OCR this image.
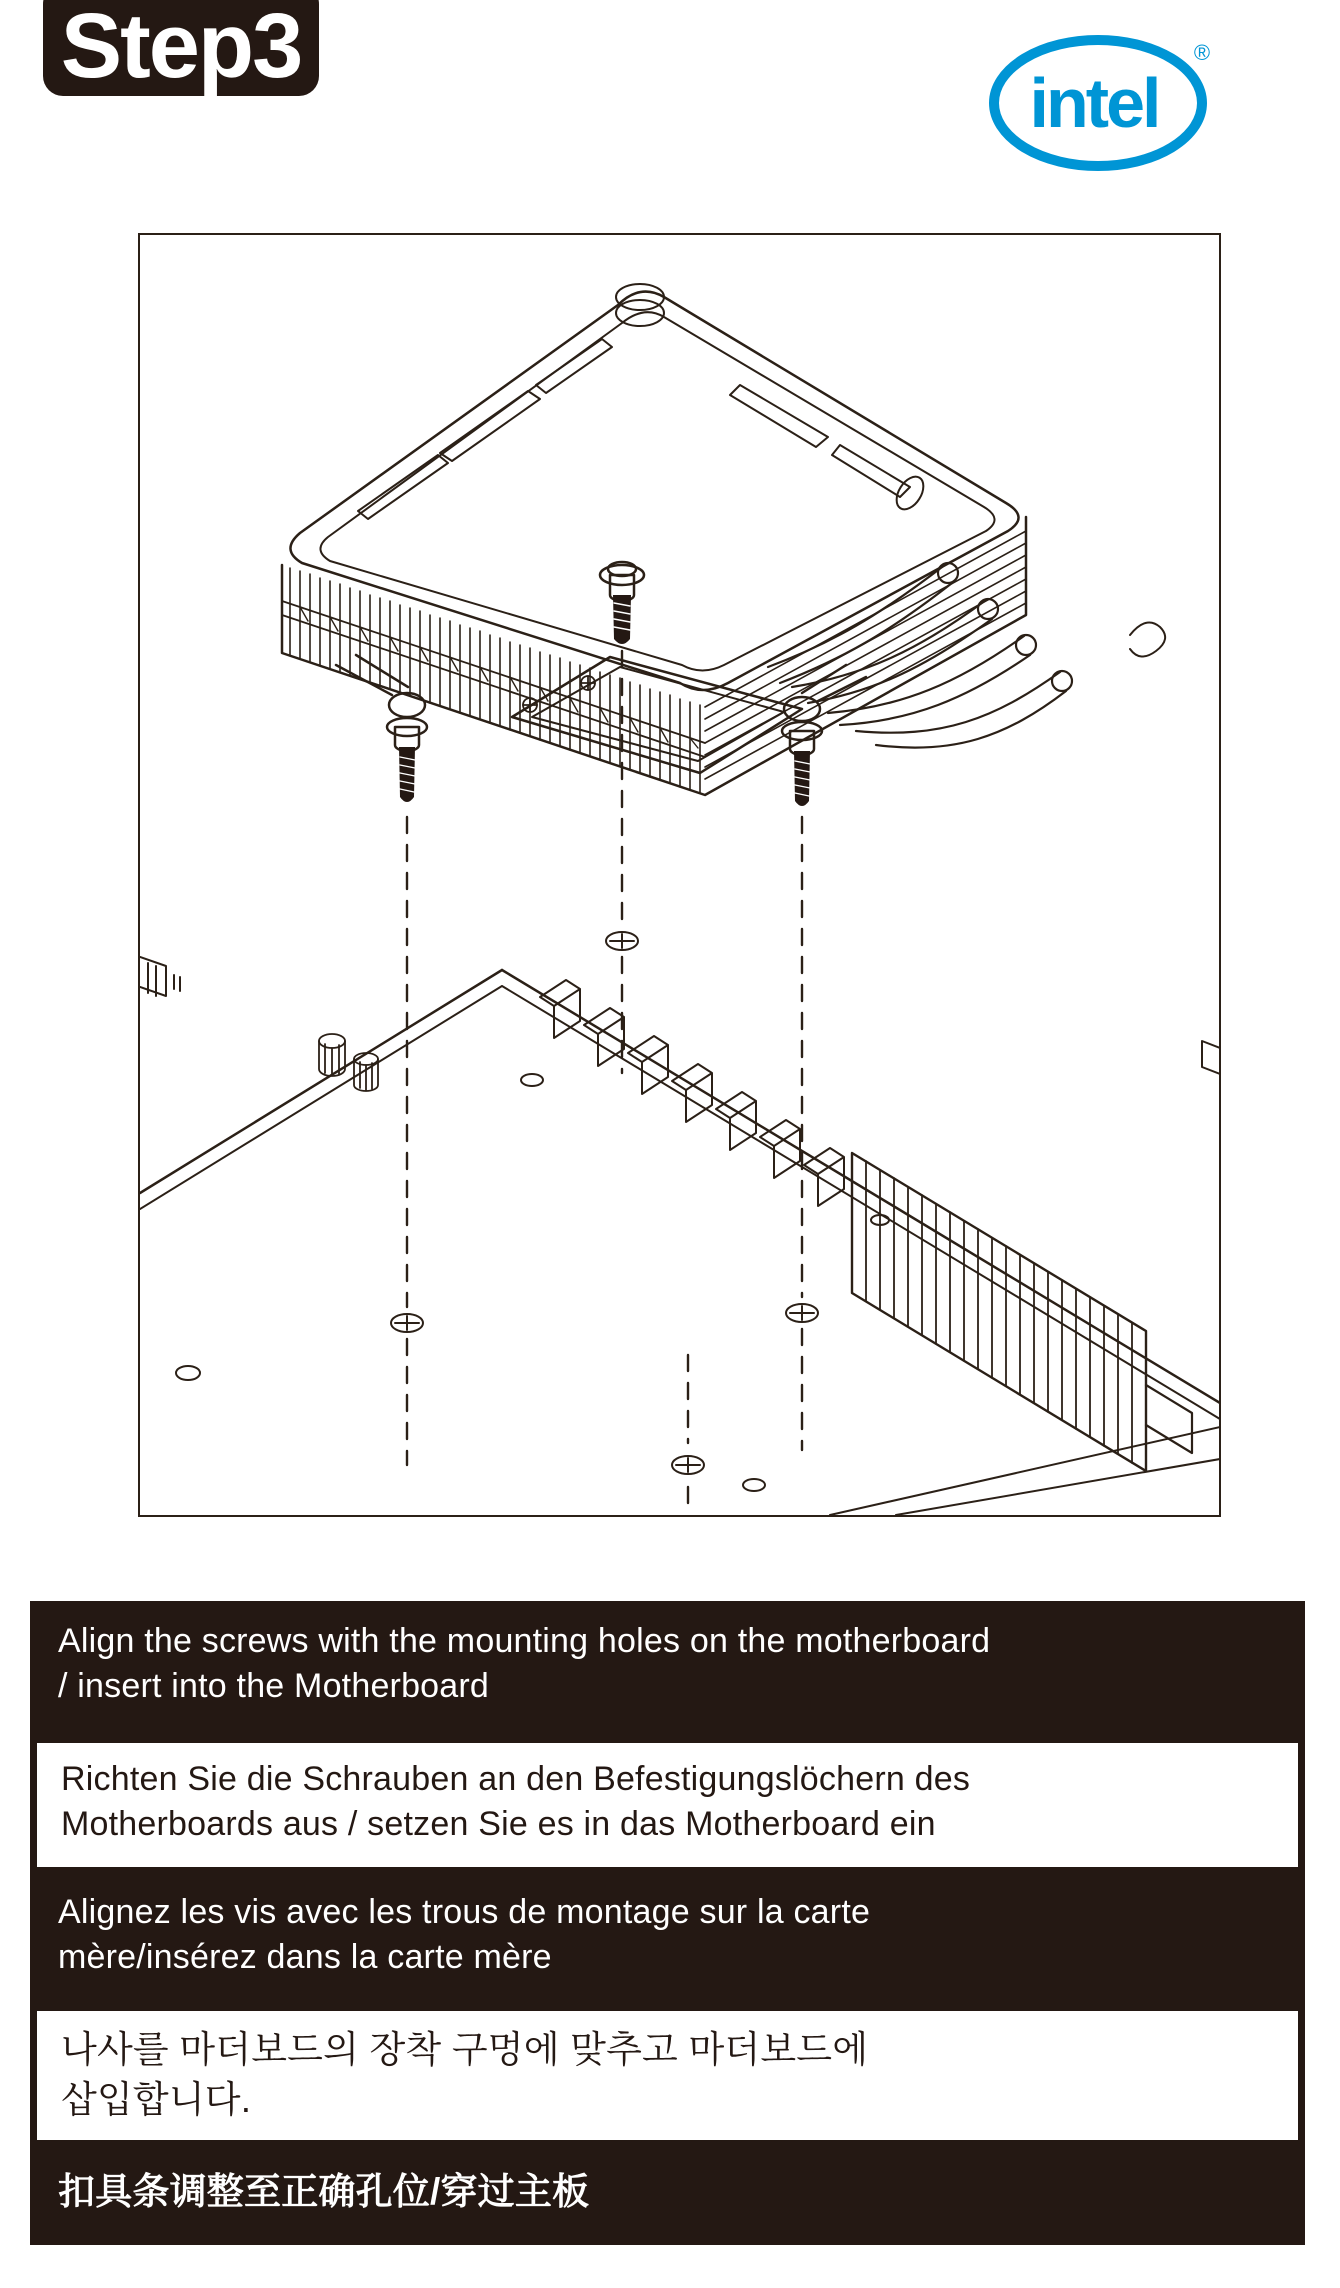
Step3
intel
®
Align the screws with the mounting holes on the motherboard
/ insert into the Motherboard
Richten Sie die Schrauben an den Befestigungslöchern des
Motherboards aus / setzen Sie es in das Motherboard ein
Alignez les vis avec les trous de montage sur la carte
mère/insérez dans la carte mère
나사를 마더보드의 장착 구멍에 맞추고 마더보드에
삽입합니다.
扣具条调整至正确孔位/穿过主板
